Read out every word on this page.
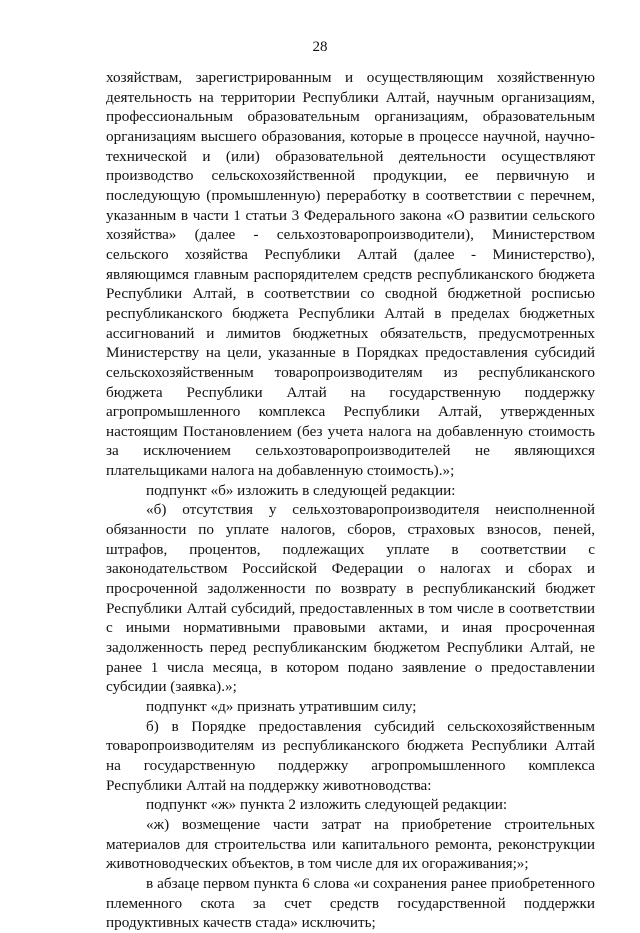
28

хозяйствам, зарегистрированным и осуществляющим хозяйственную деятельность на территории Республики Алтай, научным организациям, профессиональным образовательным организациям, образовательным организациям высшего образования, которые в процессе научной, научно-технической и (или) образовательной деятельности осуществляют производство сельскохозяйственной продукции, ее первичную и последующую (промышленную) переработку в соответствии с перечнем, указанным в части 1 статьи 3 Федерального закона «О развитии сельского хозяйства» (далее - сельхозтоваропроизводители), Министерством сельского хозяйства Республики Алтай (далее - Министерство), являющимся главным распорядителем средств республиканского бюджета Республики Алтай, в соответствии со сводной бюджетной росписью республиканского бюджета Республики Алтай в пределах бюджетных ассигнований и лимитов бюджетных обязательств, предусмотренных Министерству на цели, указанные в Порядках предоставления субсидий сельскохозяйственным товаропроизводителям из республиканского бюджета Республики Алтай на государственную поддержку агропромышленного комплекса Республики Алтай, утвержденных настоящим Постановлением (без учета налога на добавленную стоимость за исключением сельхозтоваропроизводителей не являющихся плательщиками налога на добавленную стоимость).»;

подпункт «б» изложить в следующей редакции:

«б) отсутствия у сельхозтоваропроизводителя неисполненной обязанности по уплате налогов, сборов, страховых взносов, пеней, штрафов, процентов, подлежащих уплате в соответствии с законодательством Российской Федерации о налогах и сборах и просроченной задолженности по возврату в республиканский бюджет Республики Алтай субсидий, предоставленных в том числе в соответствии с иными нормативными правовыми актами, и иная просроченная задолженность перед республиканским бюджетом Республики Алтай, не ранее 1 числа месяца, в котором подано заявление о предоставлении субсидии (заявка).»;

подпункт «д» признать утратившим силу;

б) в Порядке предоставления субсидий сельскохозяйственным товаропроизводителям из республиканского бюджета Республики Алтай на государственную поддержку агропромышленного комплекса Республики Алтай на поддержку животноводства:

подпункт «ж» пункта 2 изложить следующей редакции:

«ж) возмещение части затрат на приобретение строительных материалов для строительства или капитального ремонта, реконструкции животноводческих объектов, в том числе для их огораживания;»;

в абзаце первом пункта 6 слова «и сохранения ранее приобретенного племенного скота за счет средств государственной поддержки продуктивных качеств стада» исключить;
